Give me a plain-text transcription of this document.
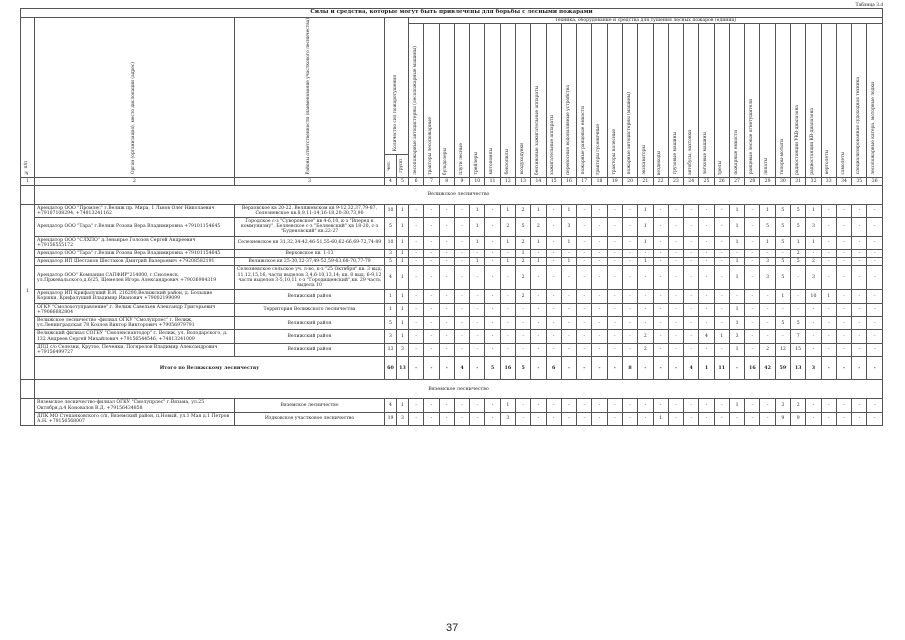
Таблица 3.4
Силы и средства, которые могут быть привлечены для борьбы с лесными пожарами																																				

№ п/п	Орган (организация), место дислокации (адрес)	Районы ответственности (наименование участкового лесничества)	Количество сил пожаротушения		Техника, оборудование и средства для тушения лесных пожаров (единиц)																															

					лесопожарные автоцистерны (лесопожарные машины)	тракторы лесопожарные	бульдозеры	плуги лесные	трейлеры	мотопомпы	бензопилы	воздуходувки	бензиновые зажигательные аппараты	зажигательные аппараты	переносные водоналивные устройства	пожарные ранцевые емкости	тракторы гусеничные	тракторы колесные	пожарные автоцистерны (машины)	экскаваторы	вездеходы	грузовые машины	автобусы, вахтовки	легковые машины	трелы	пожарные емкости	ранцевые лесные огнетушители	лопаты	топоры-мотыги	радиостанции УКВ-диапазона	радиостанции КВ-диапазона	вертолеты	самолеты	специализированная судоходная техника	лесопожарные катера, моторные лодки	

			чел.	групп																																

1	2	3	4	5	6	7	8	9	10	11	12	13	14	15	16	17	18	19	20	21	22	23	24	25	26	27	28	29	30	31	32	33	34	35	36	
	Велижское лесничество																																			
1	Арендатор ООО "Промлес" г.Велиж пр. Мира, 1 Львов Олег Николаевич +79107108294, +74813241162	Верховское кв 20-22, Веляжевском кв 9-12,32,37,79-87, Селезневское кв.8,9,11-14,16-18,20-30,73,90	10	1	-	-	-	-	1	-	1	2	1	-	1	-	-	-	-	1	-	-	-	-	-	1	-	1	5	5	1	-	-	-	-	
	Арендатор ООО "Тара" г.Велиж Розова Вера Владимировна +79101154645	Городское с-з "Суворовское" кв 4-6,10, к-з "Вперед к коммунизму", Беляевское с-з "Беляевский" кв 18-20, с-з "Буденовский" кв.22-27	5	1	-	-	-	-	1	-	2	5	2	-	3	-	-	-	-	1	-	-	-	-	-	1	-	5	5	5	3	-	-	-	-	
	Арендатор ООО "СЛХПО" д.Зеньнрье Голозов Сергей Андреевич +79156555172	Селезневское кв 31,32,34-42,46-51,55-60,62-66,69-72,74-89	10	1	-	-	-	-	1	-	1	2	1	-	1	-	-	-	-	1	-	-	-	-	-	1	-	1	5	1	1	-	-	-	-	
	Арендатор ООО "Тара" г.Велиж Розова Вера Владимировна +79101154645	Верховское кв. 1-13	3	1	-	-	-	-	-	-	-	1	-	-	-	-	-	-	-	-	-	-	-	-	-	-	-	-	-	2	-	-	-	-	-	
	Арендатор ИП Шестаков Шестаков Дмитрий Валерьевич +79208582191	Велижское кв 25-30,32-37,49-52,59-63,68-70,77-79	5	1	-	-	-	-	1	-	1	2	1	-	1	-	-	-	-	1	-	-	-	-	-	1	-	3	5	5	2	-	-	-	-	
	Арендатор ООО" Компания САПФИР"214000, г.Смоленск, ул.Пржевальского,д.6/25, Шемелев Игорь Александрович +79036984319	Селезневское сельское уч. л-во, к-з "25 Октября" кв. 3 выд. 11,12,15,16, части выделов 3,4,6-10,13,14; кв. 8 выд. 6-9,12 части выделов 3-5,10,11 с-з "Городищенский",кв. 29 часть выдела 10	4	1	-	-	-	-	-	-	-	2	-	-	-	-	-	-	-	-	-	-	-	-	-	1	-	3	5	-	3	-	-	-	-	
	Арендатор ИП Крифалуший В.И. 216290,Велижский район, д. Большие Коршки, Крифалуший Владимир Иванович +79002199099	Велижский район	1	1	-	-	-	-	-	-	-	2	-	-	-	-	-	-	-	-	-	-	-	-	-	-	-	-	1	-	10	1	-	-	-	
	ОГКУ "Смолохотуправление",г. Велиж Савельев Александр Григорьевич +79066682804	Территория Велижского лесничества	1	1	-	-	-	-	-	-	-	-	-	-	-	-	-	-	-	-	-	-	-	-	-	1	-	-	-	-	-	-	-	-	-	
	Велижское лесничество -филиал ОГКУ "Смолупрлес" г. Велиж, ул.Ленинградская 78 Козлов Виктор Викторович +79056979791	Велижский район	5	1	-	-	-	-	-	-	-	-	-	-	-	-	-	-	-	-	-	-	-	-	-	1	-	-	5	5	-	-	-	-	-	
	Велижский филиал СОГБУ "Смоленскавтодор" г. Велиж, ул. Володарского, д. 132 Андреев Сергей Михайлович +79156544546, +74813241009	Велижский район	3	1	-	-	-	-	-	-	-	-	-	-	-	-	-	-	-	2	-	-	-	4	1	3	-	-	-	7	-	-	-	-	-	
	ДПД с/о Селезни, Крутое, Печенки, Погнрелов Владимир Александрович +79156499727	Велижский район	13	3	-	-	-	-	-	-	-	-	-	-	-	-	-	-	-	2	-	-	-	-	-	1	-	2	12	15	-	-	-	-	-	
	Итого по Велижскому лесничеству		60	13	-	-	-	4	-	5	16	5	-	6	-	-	-	-	8	-	-	-	4	1	11	-	16	42	59	13	3	-	-	-	-	
	Вяземское лесничество																																			
	Вяземское лесничество-филиал ОГКУ "Смолупрлес" г.Вязьма, ул.25 Октября,д.4 Коновалов В.Д. +79156434858	Вяземское лесничество	4	1	-	-	-	-	-	-	1	-	-	-	-	-	-	-	-	-	-	-	-	-	-	1	-	-	3	2	-	-	-	-	-	
	ДПК МО Степанковского с/п, Вяземский район, п.Новый, ул.1 Мая д.1 Петров А.Н. +79156568007	Издковское участковое лесничество	19	3	-	-	-	-	-	-	3	-	-	-	-	-	-	-	-	-	1	-	-	-	-	-	-	-	9	9	-	-	-	-	-	
37
